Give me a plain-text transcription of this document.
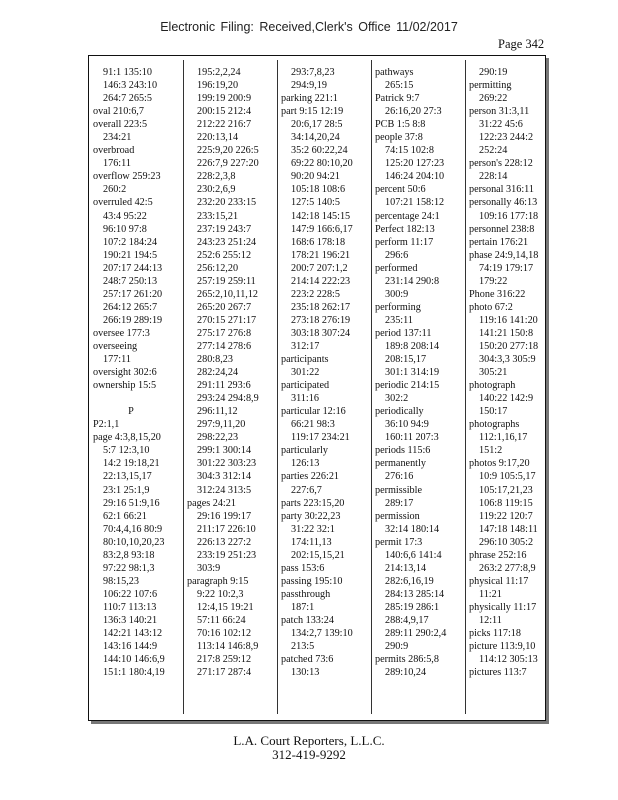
Electronic Filing: Received,Clerk's Office 11/02/2017
Page 342
91:1 135:10
146:3 243:10
264:7 265:5
oval 210:6,7
overall 223:5
234:21
overbroad
176:11
overflow 259:23
260:2
overruled 42:5
43:4 95:22
96:10 97:8
107:2 184:24
190:21 194:5
207:17 244:13
248:7 250:13
257:17 261:20
264:12 265:7
266:19 289:19
oversee 177:3
overseeing
177:11
oversight 302:6
ownership 15:5
P
P2:1,1
page 4:3,8,15,20
5:7 12:3,10
14:2 19:18,21
22:13,15,17
23:1 25:1,9
29:16 51:9,16
62:1 66:21
70:4,4,16 80:9
80:10,10,20,23
83:2,8 93:18
97:22 98:1,3
98:15,23
106:22 107:6
110:7 113:13
136:3 140:21
142:21 143:12
143:16 144:9
144:10 146:6,9
151:1 180:4,19
195:2,2,24
196:19,20
199:19 200:9
200:15 212:4
212:22 216:7
220:13,14
225:9,20 226:5
226:7,9 227:20
228:2,3,8
230:2,6,9
232:20 233:15
233:15,21
237:19 243:7
243:23 251:24
252:6 255:12
256:12,20
257:19 259:11
265:2,10,11,12
265:20 267:7
270:15 271:17
275:17 276:8
277:14 278:6
280:8,23
282:24,24
291:11 293:6
293:24 294:8,9
296:11,12
297:9,11,20
298:22,23
299:1 300:14
301:22 303:23
304:3 312:14
312:24 313:5
pages 24:21
29:16 199:17
211:17 226:10
226:13 227:2
233:19 251:23
303:9
paragraph 9:15
9:22 10:2,3
12:4,15 19:21
57:11 66:24
70:16 102:12
113:14 146:8,9
217:8 259:12
271:17 287:4
293:7,8,23
294:9,19
parking 221:1
part 9:15 12:19
20:6,17 28:5
34:14,20,24
35:2 60:22,24
69:22 80:10,20
90:20 94:21
105:18 108:6
127:5 140:5
142:18 145:15
147:9 166:6,17
168:6 178:18
178:21 196:21
200:7 207:1,2
214:14 222:23
223:2 228:5
235:18 262:17
273:18 276:19
303:18 307:24
312:17
participants
301:22
participated
311:16
particular 12:16
66:21 98:3
119:17 234:21
particularly
126:13
parties 226:21
227:6,7
parts 223:15,20
party 30:22,23
31:22 32:1
174:11,13
202:15,15,21
pass 153:6
passing 195:10
passthrough
187:1
patch 133:24
134:2,7 139:10
213:5
patched 73:6
130:13
pathways
265:15
Patrick 9:7
26:16,20 27:3
PCB 1:5 8:8
people 37:8
74:15 102:8
125:20 127:23
146:24 204:10
percent 50:6
107:21 158:12
percentage 24:1
Perfect 182:13
perform 11:17
296:6
performed
231:14 290:8
300:9
performing
235:11
period 137:11
189:8 208:14
208:15,17
301:1 314:19
periodic 214:15
302:2
periodically
36:10 94:9
160:11 207:3
periods 115:6
permanently
276:16
permissible
289:17
permission
32:14 180:14
permit 17:3
140:6,6 141:4
214:13,14
282:6,16,19
284:13 285:14
285:19 286:1
288:4,9,17
289:11 290:2,4
290:9
permits 286:5,8
289:10,24
290:19
permitting
269:22
person 31:3,11
31:22 45:6
122:23 244:2
252:24
person's 228:12
228:14
personal 316:11
personally 46:13
109:16 177:18
personnel 238:8
pertain 176:21
phase 24:9,14,18
74:19 179:17
179:22
Phone 316:22
photo 67:2
119:16 141:20
141:21 150:8
150:20 277:18
304:3,3 305:9
305:21
photograph
140:22 142:9
150:17
photographs
112:1,16,17
151:2
photos 9:17,20
10:9 105:5,17
105:17,21,23
106:8 119:15
119:22 120:7
147:18 148:11
296:10 305:2
phrase 252:16
263:2 277:8,9
physical 11:17
11:21
physically 11:17
12:11
picks 117:18
picture 113:9,10
114:12 305:13
pictures 113:7
L.A. Court Reporters, L.L.C.
312-419-9292
